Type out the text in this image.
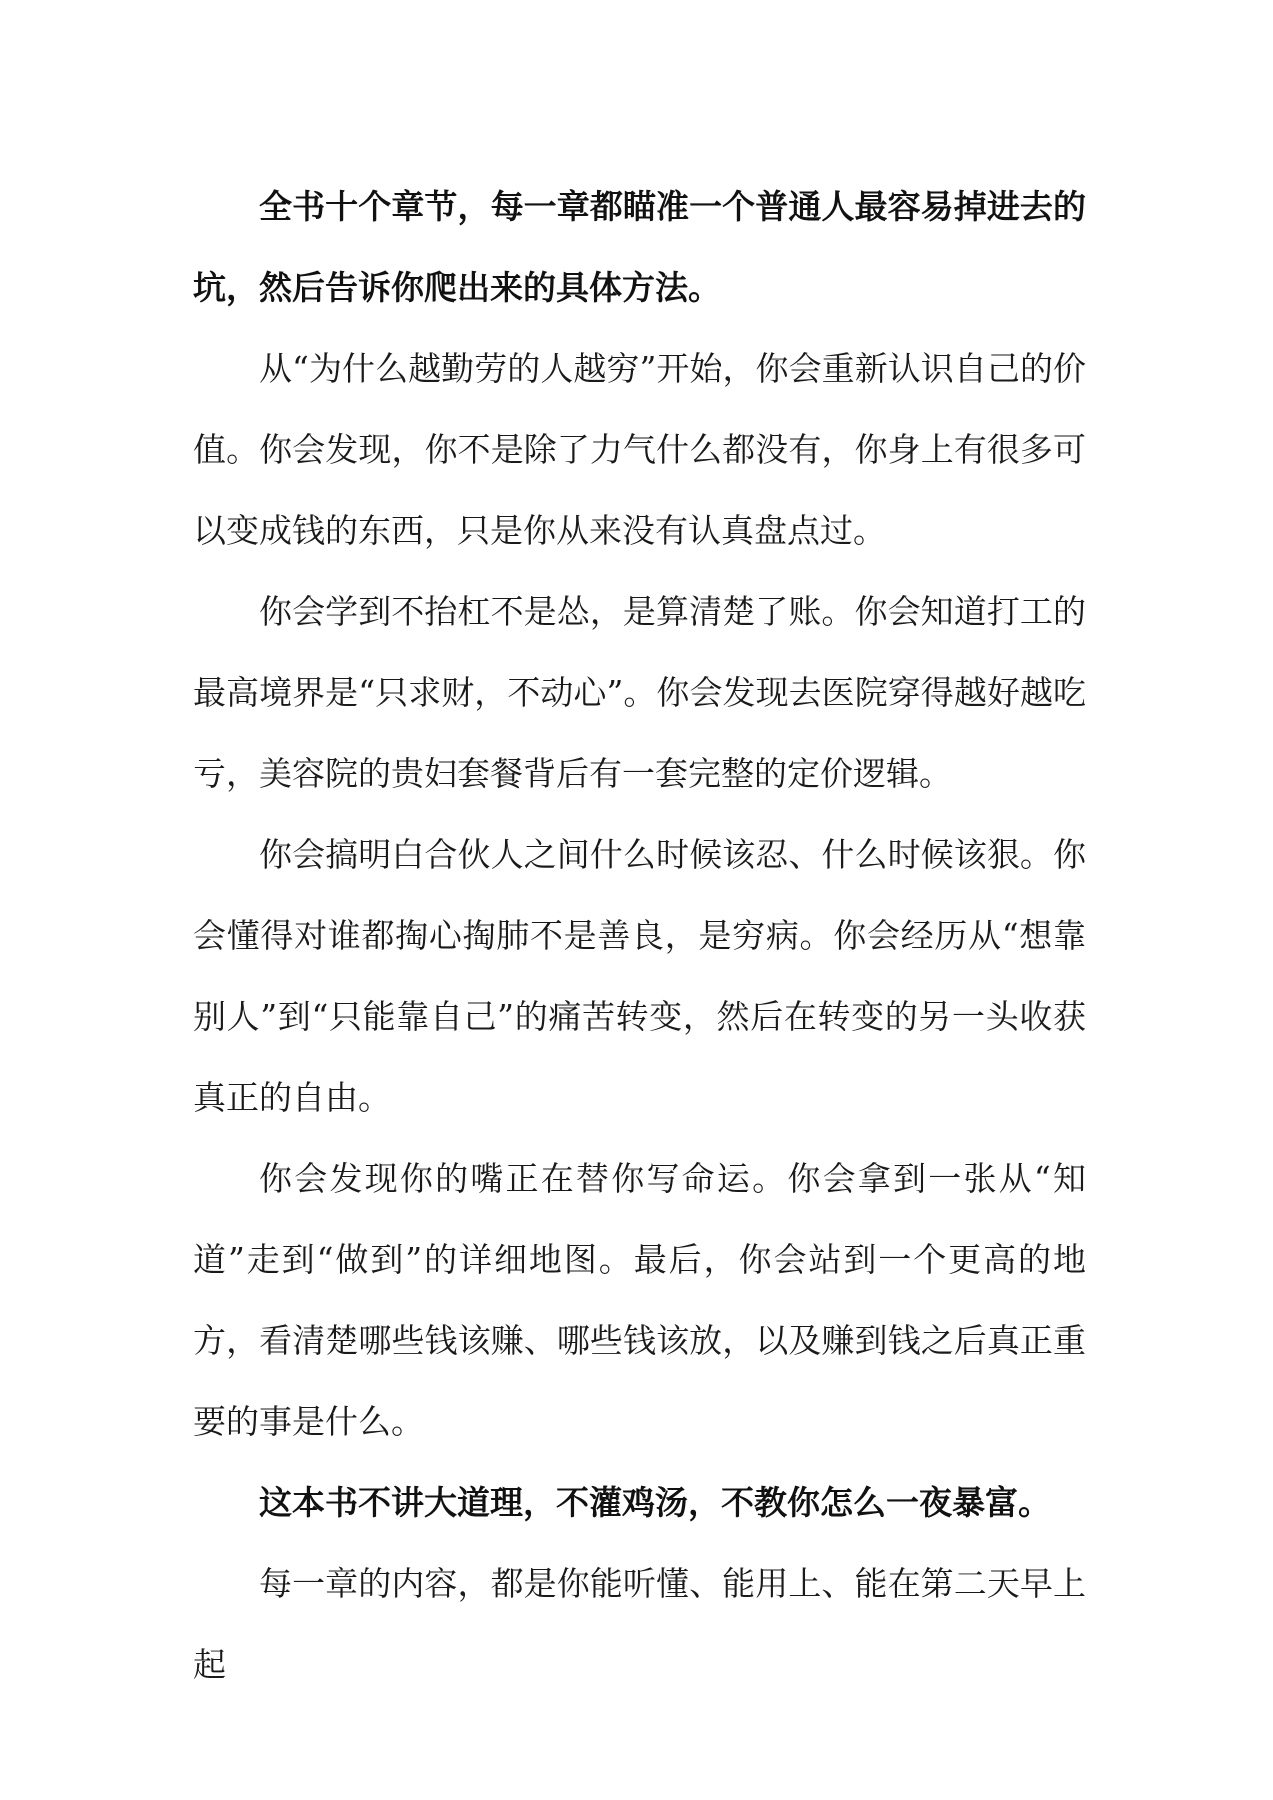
全书十个章节，每一章都瞄准一个普通人最容易掉进去的坑，然后告诉你爬出来的具体方法。

从“为什么越勤劳的人越穷”开始，你会重新认识自己的价值。你会发现，你不是除了力气什么都没有，你身上有很多可以变成钱的东西，只是你从来没有认真盘点过。

你会学到不抬杠不是怂，是算清楚了账。你会知道打工的最高境界是“只求财，不动心”。你会发现去医院穿得越好越吃亏，美容院的贵妇套餐背后有一套完整的定价逻辑。

你会搞明白合伙人之间什么时候该忍、什么时候该狠。你会懂得对谁都掏心掏肺不是善良，是穷病。你会经历从“想靠别人”到“只能靠自己”的痛苦转变，然后在转变的另一头收获真正的自由。

你会发现你的嘴正在替你写命运。你会拿到一张从“知道”走到“做到”的详细地图。最后，你会站到一个更高的地方，看清楚哪些钱该赚、哪些钱该放，以及赚到钱之后真正重要的事是什么。

这本书不讲大道理，不灌鸡汤，不教你怎么一夜暴富。

每一章的内容，都是你能听懂、能用上、能在第二天早上起
